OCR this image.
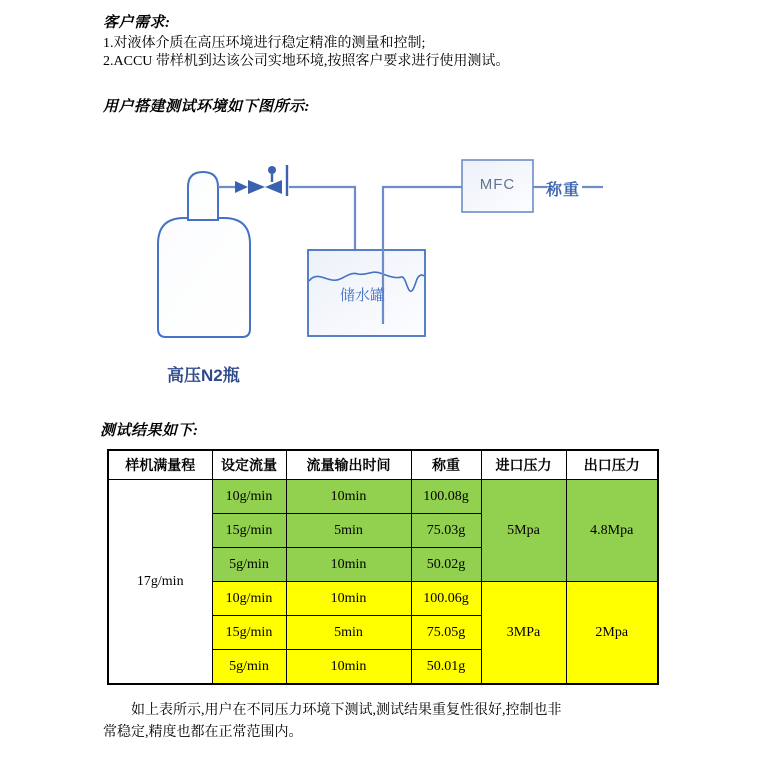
客户需求:
1.对液体介质在高压环境进行稳定精准的测量和控制;
2.ACCU 带样机到达该公司实地环境,按照客户要求进行使用测试。
用户搭建测试环境如下图所示:
高压N2瓶
储水罐
MFC	称重
测试结果如下:
样机满量程	设定流量	流量输出时间	称重	进口压力	出口压力
17g/min	10g/min	10min	100.08g	5Mpa	4.8Mpa
	15g/min	5min	75.03g		
	5g/min	10min	50.02g		
	10g/min	10min	100.06g	3MPa	2Mpa
	15g/min	5min	75.05g		
	5g/min	10min	50.01g		
如上表所示,用户在不同压力环境下测试,测试结果重复性很好,控制也非
常稳定,精度也都在正常范围内。
